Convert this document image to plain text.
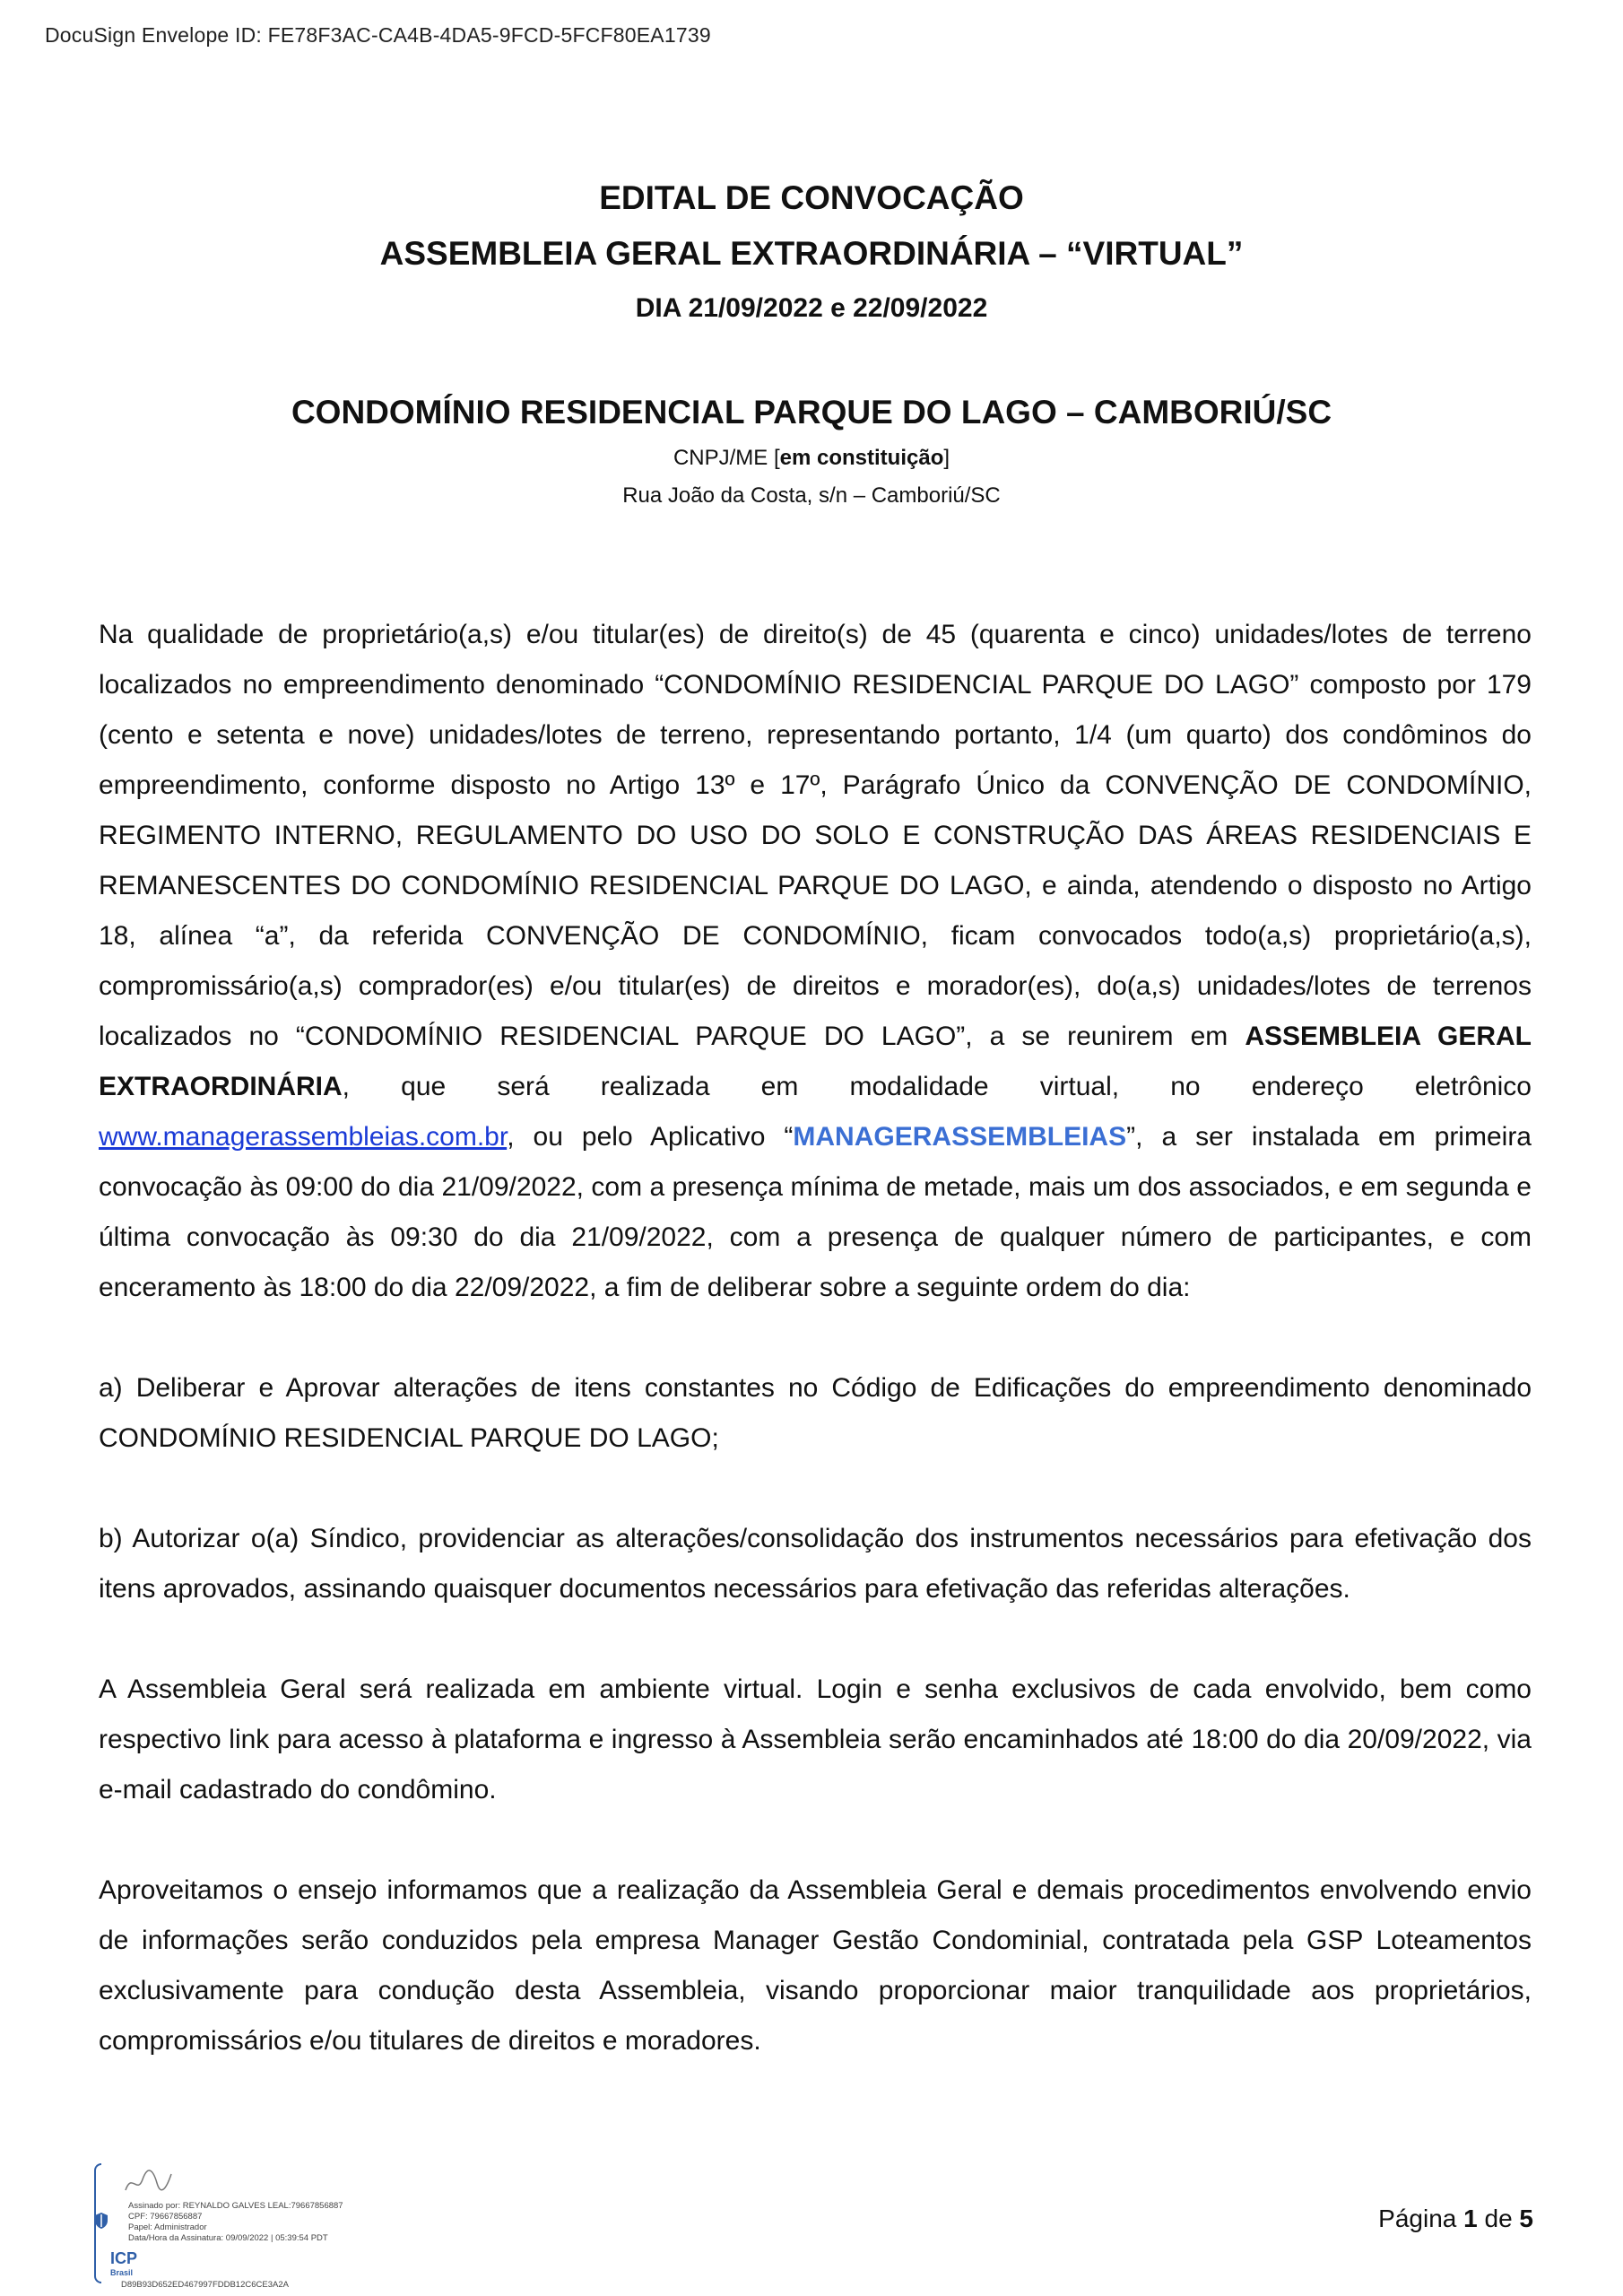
DocuSign Envelope ID: FE78F3AC-CA4B-4DA5-9FCD-5FCF80EA1739
EDITAL DE CONVOCAÇÃO
ASSEMBLEIA GERAL EXTRAORDINÁRIA – “VIRTUAL”
DIA 21/09/2022 e 22/09/2022
CONDOMÍNIO RESIDENCIAL PARQUE DO LAGO – CAMBORIÚ/SC
CNPJ/ME [em constituição]
Rua João da Costa, s/n – Camboriú/SC

Na qualidade de proprietário(a,s) e/ou titular(es) de direito(s) de 45 (quarenta e cinco) unidades/lotes de terreno localizados no empreendimento denominado “CONDOMÍNIO RESIDENCIAL PARQUE DO LAGO” composto por 179 (cento e setenta e nove) unidades/lotes de terreno, representando portanto, 1/4 (um quarto) dos condôminos do empreendimento, conforme disposto no Artigo 13º e 17º, Parágrafo Único da CONVENÇÃO DE CONDOMÍNIO, REGIMENTO INTERNO, REGULAMENTO DO USO DO SOLO E CONSTRUÇÃO DAS ÁREAS RESIDENCIAIS E REMANESCENTES DO CONDOMÍNIO RESIDENCIAL PARQUE DO LAGO, e ainda, atendendo o disposto no Artigo 18, alínea “a”, da referida CONVENÇÃO DE CONDOMÍNIO, ficam convocados todo(a,s) proprietário(a,s), compromissário(a,s) comprador(es) e/ou titular(es) de direitos e morador(es), do(a,s) unidades/lotes de terrenos localizados no “CONDOMÍNIO RESIDENCIAL PARQUE DO LAGO”, a se reunirem em ASSEMBLEIA GERAL EXTRAORDINÁRIA, que será realizada em modalidade virtual, no endereço eletrônico www.managerassembleias.com.br, ou pelo Aplicativo “MANAGERASSEMBLEIAS”, a ser instalada em primeira convocação às 09:00 do dia 21/09/2022, com a presença mínima de metade, mais um dos associados, e em segunda e última convocação às 09:30 do dia 21/09/2022, com a presença de qualquer número de participantes, e com enceramento às 18:00 do dia 22/09/2022, a fim de deliberar sobre a seguinte ordem do dia:

a) Deliberar e Aprovar alterações de itens constantes no Código de Edificações do empreendimento denominado CONDOMÍNIO RESIDENCIAL PARQUE DO LAGO;

b) Autorizar o(a) Síndico, providenciar as alterações/consolidação dos instrumentos necessários para efetivação dos itens aprovados, assinando quaisquer documentos necessários para efetivação das referidas alterações.

A Assembleia Geral será realizada em ambiente virtual. Login e senha exclusivos de cada envolvido, bem como respectivo link para acesso à plataforma e ingresso à Assembleia serão encaminhados até 18:00 do dia 20/09/2022, via e-mail cadastrado do condômino.

Aproveitamos o ensejo informamos que a realização da Assembleia Geral e demais procedimentos envolvendo envio de informações serão conduzidos pela empresa Manager Gestão Condominial, contratada pela GSP Loteamentos exclusivamente para condução desta Assembleia, visando proporcionar maior tranquilidade aos proprietários, compromissários e/ou titulares de direitos e moradores.

Assinado por: REYNALDO GALVES LEAL:79667856887
CPF: 79667856887
Papel: Administrador
Data/Hora da Assinatura: 09/09/2022 | 05:39:54 PDT
ICP
Brasil
D89B93D652ED467997FDDB12C6CE3A2A
Página 1 de 5
